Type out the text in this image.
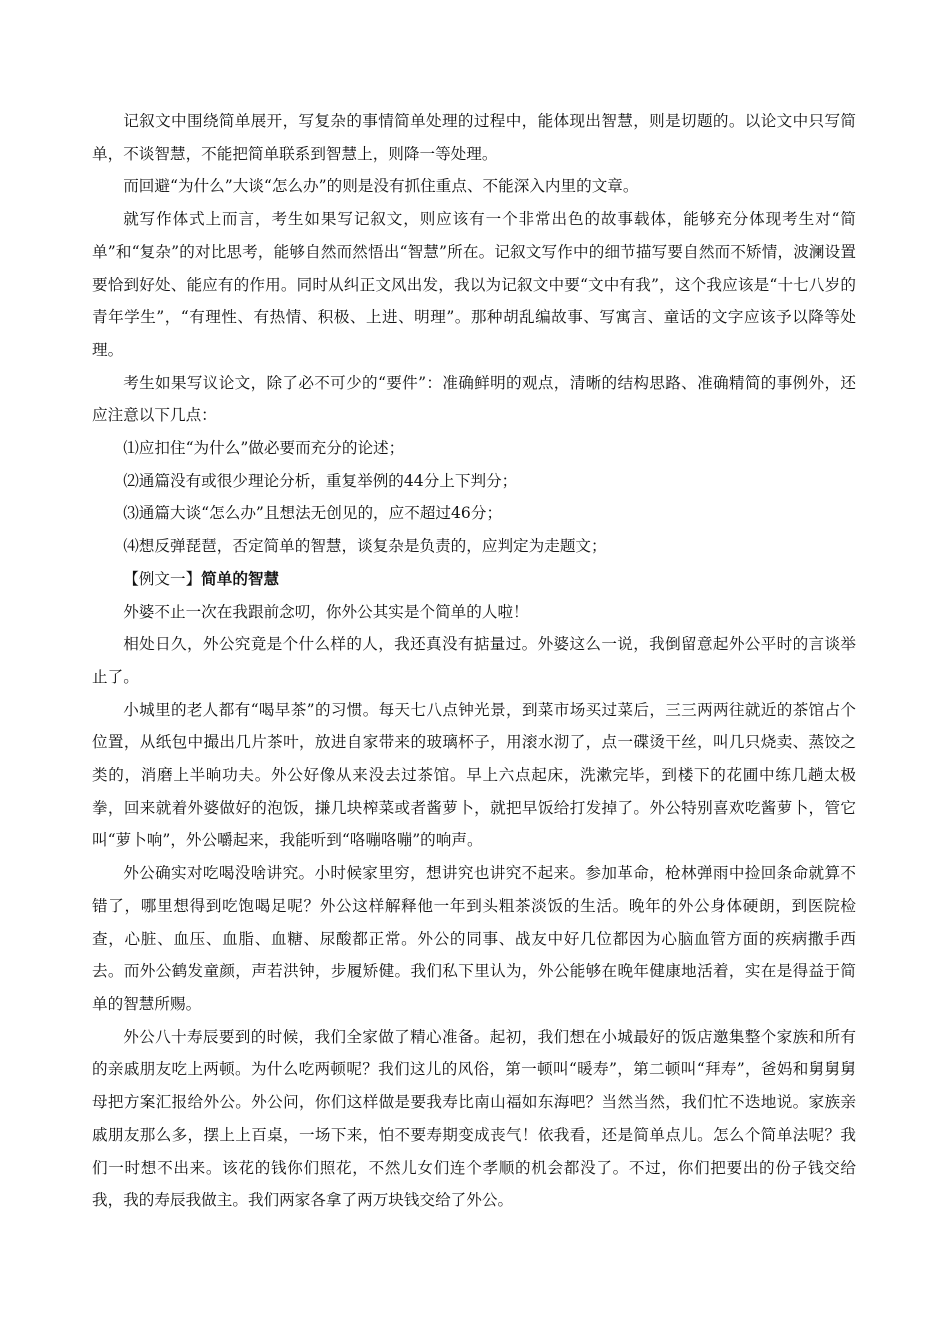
记叙文中围绕简单展开，写复杂的事情简单处理的过程中，能体现出智慧，则是切题的。以论文中只写简单，不谈智慧，不能把简单联系到智慧上，则降一等处理。

而回避“为什么”大谈“怎么办”的则是没有抓住重点、不能深入内里的文章。

就写作体式上而言，考生如果写记叙文，则应该有一个非常出色的故事载体，能够充分体现考生对“简单”和“复杂”的对比思考，能够自然而然悟出“智慧”所在。记叙文写作中的细节描写要自然而不矫情，波澜设置要恰到好处、能应有的作用。同时从纠正文风出发，我以为记叙文中要“文中有我”，这个我应该是“十七八岁的青年学生”，“有理性、有热情、积极、上进、明理”。那种胡乱编故事、写寓言、童话的文字应该予以降等处理。

考生如果写议论文，除了必不可少的“要件”：准确鲜明的观点，清晰的结构思路、准确精简的事例外，还应注意以下几点：

⑴应扣住“为什么”做必要而充分的论述；

⑵通篇没有或很少理论分析，重复举例的44分上下判分；

⑶通篇大谈“怎么办”且想法无创见的，应不超过46分；

⑷想反弹琵琶，否定简单的智慧，谈复杂是负责的，应判定为走题文；

【例文一】简单的智慧

外婆不止一次在我跟前念叨，你外公其实是个简单的人啦！

相处日久，外公究竟是个什么样的人，我还真没有掂量过。外婆这么一说，我倒留意起外公平时的言谈举止了。

小城里的老人都有“喝早茶”的习惯。每天七八点钟光景，到菜市场买过菜后，三三两两往就近的茶馆占个位置，从纸包中撮出几片茶叶，放进自家带来的玻璃杯子，用滚水沏了，点一碟烫干丝，叫几只烧卖、蒸饺之类的，消磨上半晌功夫。外公好像从来没去过茶馆。早上六点起床，洗漱完毕，到楼下的花圃中练几趟太极拳，回来就着外婆做好的泡饭，搛几块榨菜或者酱萝卜，就把早饭给打发掉了。外公特别喜欢吃酱萝卜，管它叫“萝卜响”，外公嚼起来，我能听到“咯嘣咯嘣”的响声。

外公确实对吃喝没啥讲究。小时候家里穷，想讲究也讲究不起来。参加革命，枪林弹雨中捡回条命就算不错了，哪里想得到吃饱喝足呢？外公这样解释他一年到头粗茶淡饭的生活。晚年的外公身体硬朗，到医院检查，心脏、血压、血脂、血糖、尿酸都正常。外公的同事、战友中好几位都因为心脑血管方面的疾病撒手西去。而外公鹤发童颜，声若洪钟，步履矫健。我们私下里认为，外公能够在晚年健康地活着，实在是得益于简单的智慧所赐。

外公八十寿辰要到的时候，我们全家做了精心准备。起初，我们想在小城最好的饭店邀集整个家族和所有的亲戚朋友吃上两顿。为什么吃两顿呢？我们这儿的风俗，第一顿叫“暖寿”，第二顿叫“拜寿”，爸妈和舅舅舅母把方案汇报给外公。外公问，你们这样做是要我寿比南山福如东海吧？当然当然，我们忙不迭地说。家族亲戚朋友那么多，摆上上百桌，一场下来，怕不要寿期变成丧气！依我看，还是简单点儿。怎么个简单法呢？我们一时想不出来。该花的钱你们照花，不然儿女们连个孝顺的机会都没了。不过，你们把要出的份子钱交给我，我的寿辰我做主。我们两家各拿了两万块钱交给了外公。
